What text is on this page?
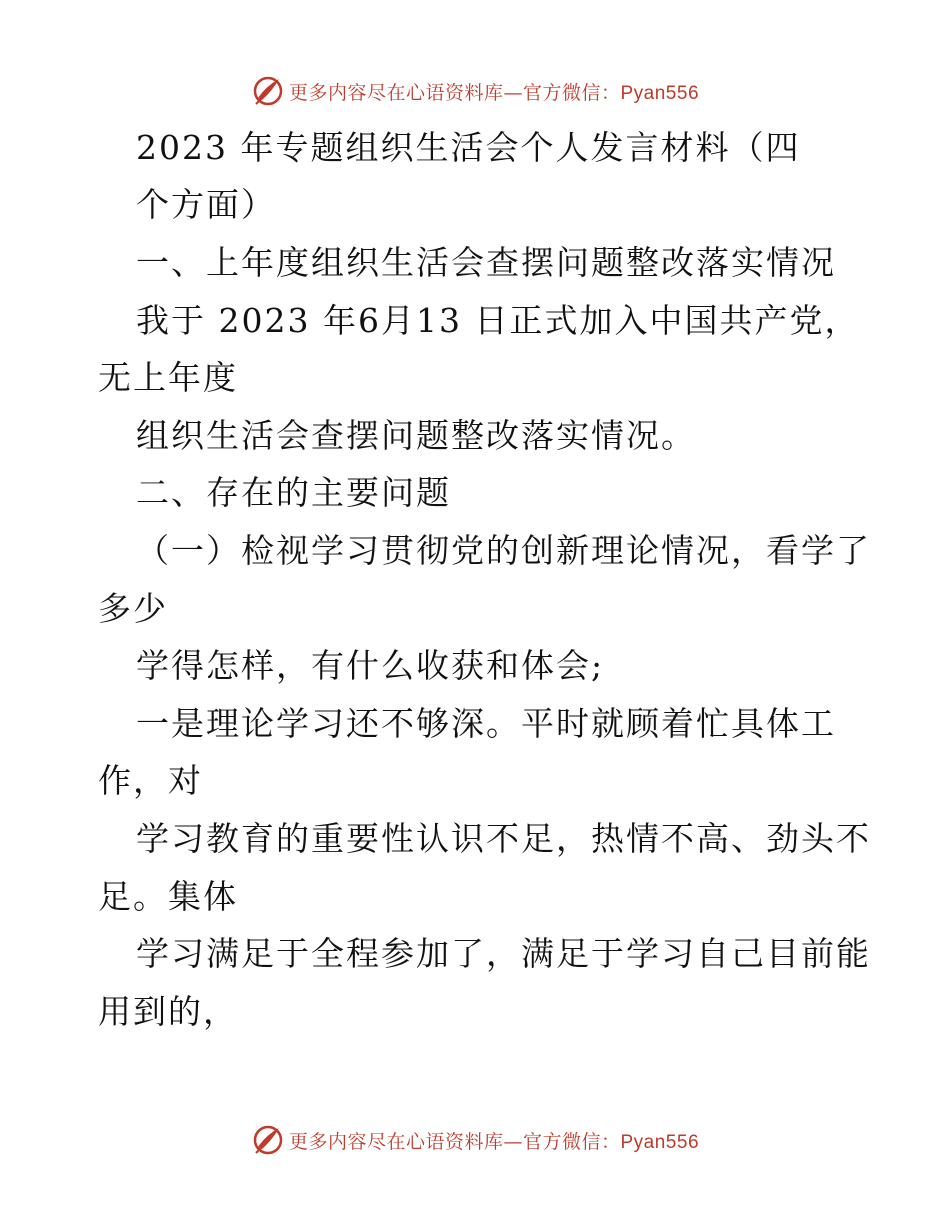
更多内容尽在心语资料库—官方微信：Pyan556
2023 年专题组织生活会个人发言材料（四
个方面）
一、上年度组织生活会查摆问题整改落实情况
我于 2023 年6月13 日正式加入中国共产党，
无上年度
组织生活会查摆问题整改落实情况。
二、存在的主要问题
（一）检视学习贯彻党的创新理论情况，看学了
多少
学得怎样，有什么收获和体会;
一是理论学习还不够深。平时就顾着忙具体工
作，对
学习教育的重要性认识不足，热情不高、劲头不
足。集体
学习满足于全程参加了，满足于学习自己目前能
用到的，
更多内容尽在心语资料库—官方微信：Pyan556
